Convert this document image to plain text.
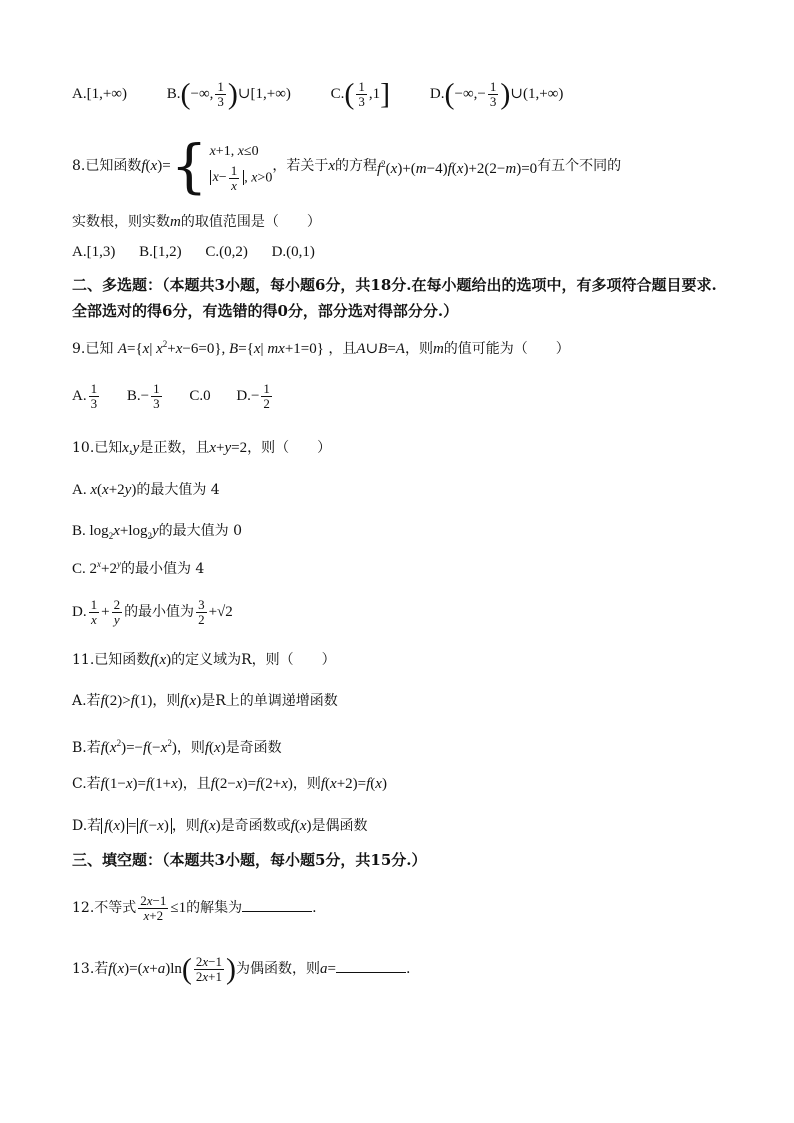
A.[1,+∞)	B.(−∞, $\frac{1}{3}$ )∪[1,+∞)	$C.( \frac{1}{3} ,1]$	$D.(-\infty,- \frac{1}{3}$ )∪(1,+∞)
8.已知函数 f(x)= { x+1, x≤0
$x- \frac{1}{x}$ , x>0
，若关于 x 的方程 $f^2(x)+(m-4)f(x)+2(2-m)=0$ 有五个不同的
实数根，则实数m的取值范围是（　　）
A.[1,3) B.[1,2) C.(0,2) D.(0,1)
二、多选题：（本题共3小题，每小题6分，共18分.在每小题给出的选项中，有多项符合题目要求.全部选对的得6分，有选错的得0分，部分选对得部分分.）
9.已知 A={x| $x^2+x-6=0$}, B={x| mx+1=0} ，且A∪B=A，则m的值可能为（　　）
A. $\frac{1}{3} B.- \frac{1}{3} C.0$ $D.- \frac{1}{2}$
10.已知x,y是正数，且x+y=2，则（　　）
A. x(x+2y)的最大值为 4
B. $\log_2x+\log_2y$的最大值为 0
C. $2^x+2^y$的最小值为 4
D. $\frac{1}{x} + \frac{2}{y}$ 的最小值为 $\frac{3}{2} +√2$
11.已知函数f(x)的定义域为R，则（　　）
A.若f(2)>f(1)，则f(x)是R上的单调递增函数
B.若$f(x^2)=-f(-x^2)$，则f(x)是奇函数
C.若f(1−x)=f(1+x)，且f(2−x)=f(2+x)，则f(x+2)=f(x)
D.若 f(x) = f(−x) ，则f(x)是奇函数或f(x)是偶函数
三、填空题：（本题共3小题，每小题5分，共15分.）
12.不等式 $\frac{2x-1}{x+2} \le 1$的解集为	.
13.若$f(x)=(x+a)\ln( \frac{2x-1}{2x+1}$ )为偶函数，则a=	.
